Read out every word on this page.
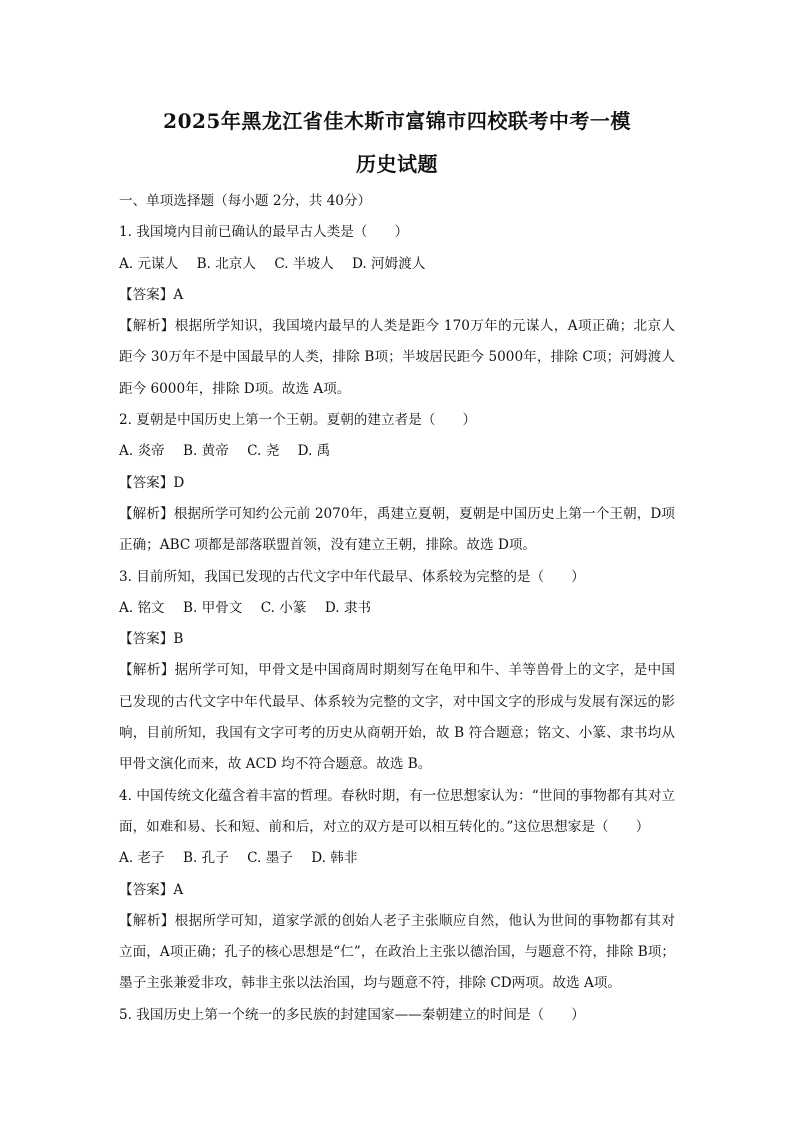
2025年黑龙江省佳木斯市富锦市四校联考中考一模
历史试题

一、单项选择题（每小题 2分，共 40分）

1. 我国境内目前已确认的最早古人类是（　　）

A. 元谋人 B. 北京人 C. 半坡人 D. 河姆渡人

【答案】A

【解析】根据所学知识，我国境内最早的人类是距今 170万年的元谋人，A项正确；北京人距今 30万年不是中国最早的人类，排除 B项；半坡居民距今 5000年，排除 C项；河姆渡人距今 6000年，排除 D项。故选 A项。

2. 夏朝是中国历史上第一个王朝。夏朝的建立者是（　　）

A. 炎帝 B. 黄帝 C. 尧 D. 禹

【答案】D

【解析】根据所学可知约公元前 2070年，禹建立夏朝，夏朝是中国历史上第一个王朝，D项正确；ABC 项都是部落联盟首领，没有建立王朝，排除。故选 D项。

3. 目前所知，我国已发现的古代文字中年代最早、体系较为完整的是（　　）

A. 铭文 B. 甲骨文 C. 小篆 D. 隶书

【答案】B

【解析】据所学可知，甲骨文是中国商周时期刻写在龟甲和牛、羊等兽骨上的文字，是中国已发现的古代文字中年代最早、体系较为完整的文字，对中国文字的形成与发展有深远的影响，目前所知，我国有文字可考的历史从商朝开始，故 B 符合题意；铭文、小篆、隶书均从甲骨文演化而来，故 ACD 均不符合题意。故选 B。

4. 中国传统文化蕴含着丰富的哲理。春秋时期，有一位思想家认为：“世间的事物都有其对立面，如难和易、长和短、前和后，对立的双方是可以相互转化的。”这位思想家是（　　）

A. 老子 B. 孔子 C. 墨子 D. 韩非

【答案】A

【解析】根据所学可知，道家学派的创始人老子主张顺应自然，他认为世间的事物都有其对立面，A项正确；孔子的核心思想是“仁”，在政治上主张以德治国，与题意不符，排除 B项；墨子主张兼爱非攻，韩非主张以法治国，均与题意不符，排除 CD两项。故选 A项。

5. 我国历史上第一个统一的多民族的封建国家——秦朝建立的时间是（　　）
